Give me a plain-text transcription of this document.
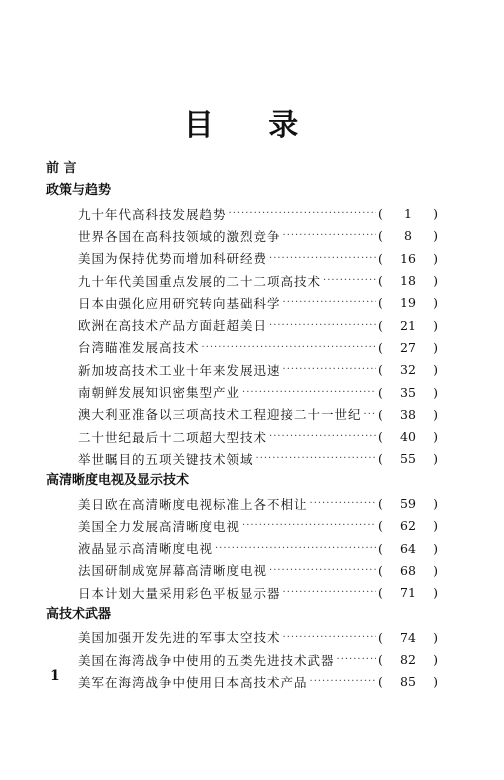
目 录
前 言
政策与趋势
九十年代高科技发展趋势 ·····	(	1	)
世界各国在高科技领域的激烈竞争 ·····	(	8	)
美国为保持优势而增加科研经费 ·····	(	16	)
九十年代美国重点发展的二十二项高技术 ·····	(	18	)
日本由强化应用研究转向基础科学 ·····	(	19	)
欧洲在高技术产品方面赶超美日 ·····	(	21	)
台湾瞄准发展高技术 ·····	(	27	)
新加坡高技术工业十年来发展迅速 ·····	(	32	)
南朝鲜发展知识密集型产业 ·····	(	35	)
澳大利亚准备以三项高技术工程迎接二十一世纪 ····· (	38	)
二十世纪最后十二项超大型技术 ·····	(	40	)
举世瞩目的五项关键技术领域 ·····	(	55	)
高清晰度电视及显示技术
美日欧在高清晰度电视标准上各不相让 ·····	(	59	)
美国全力发展高清晰度电视 ·····	(	62	)
液晶显示高清晰度电视 ·····	(	64	)
法国研制成宽屏幕高清晰度电视 ·····	(	68	)
日本计划大量采用彩色平板显示器 ·····	(	71	)
高技术武器
美国加强开发先进的军事太空技术 ·····	(	74	)
美国在海湾战争中使用的五类先进技术武器 ·····	(	82	)
美军在海湾战争中使用日本高技术产品 ·····	(	85	)
1
